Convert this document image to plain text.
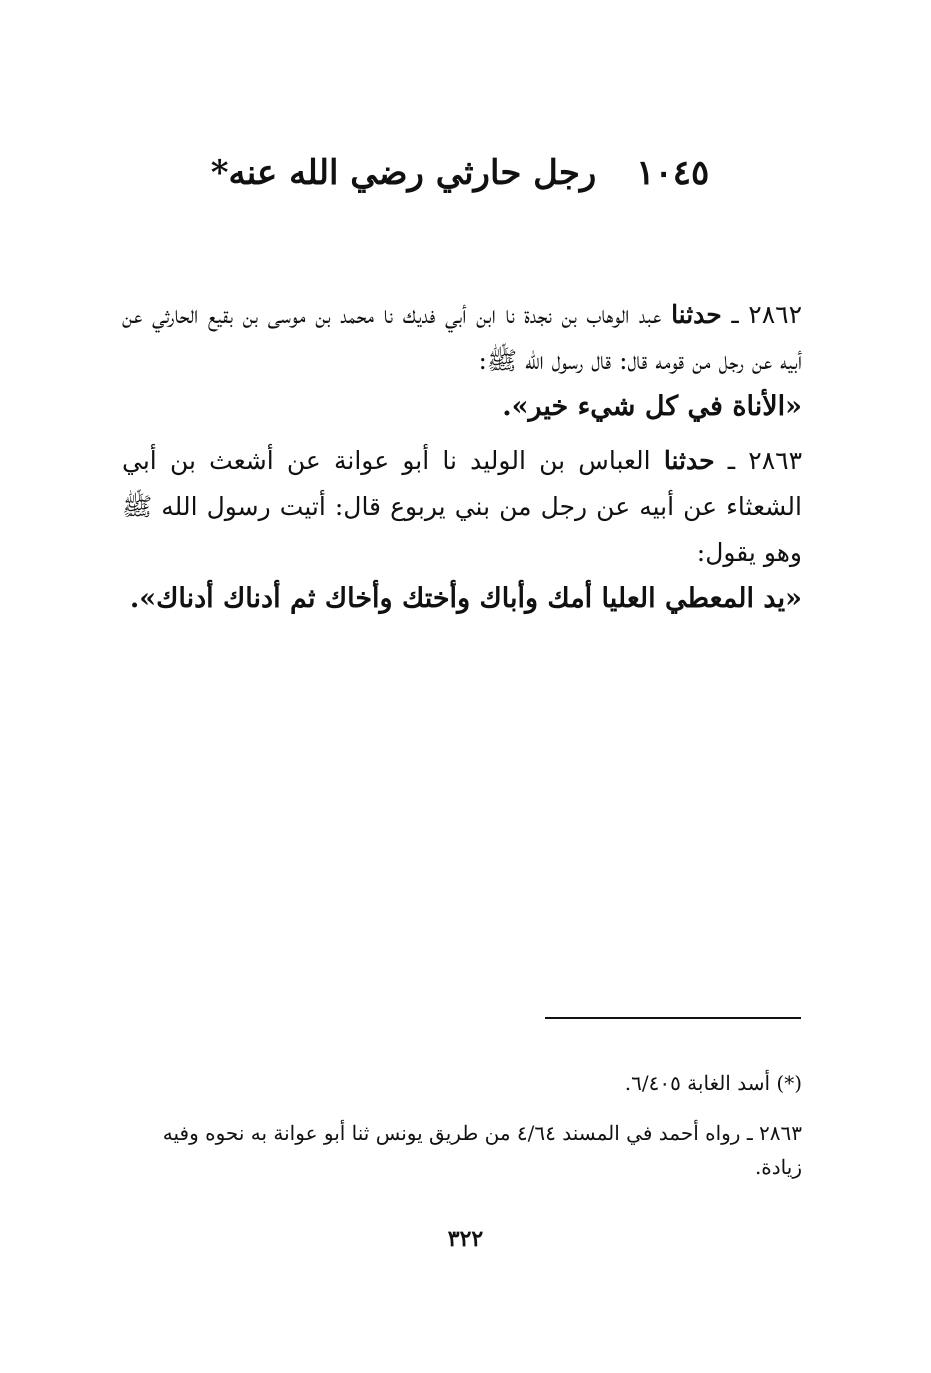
١٠٤٥ رجل حارثي رضي الله عنه*

٢٨٦٢ ـ حدثنا عبد الوهاب بن نجدة نا ابن أبي فديك نا محمد بن موسى بن بقيع الحارثي عن أبيه عن رجل من قومه قال: قال رسول الله ﷺ:

«الأناة في كل شيء خير».

٢٨٦٣ ـ حدثنا العباس بن الوليد نا أبو عوانة عن أشعث بن أبي الشعثاء عن أبيه عن رجل من بني يربوع قال: أتيت رسول الله ﷺ وهو يقول:

«يد المعطي العليا أمك وأباك وأختك وأخاك ثم أدناك أدناك».

(*) أسد الغابة ٦/٤٠٥.

٢٨٦٣ ـ رواه أحمد في المسند ٤/٦٤ من طريق يونس ثنا أبو عوانة به نحوه وفيه زيادة.

٣٢٢
